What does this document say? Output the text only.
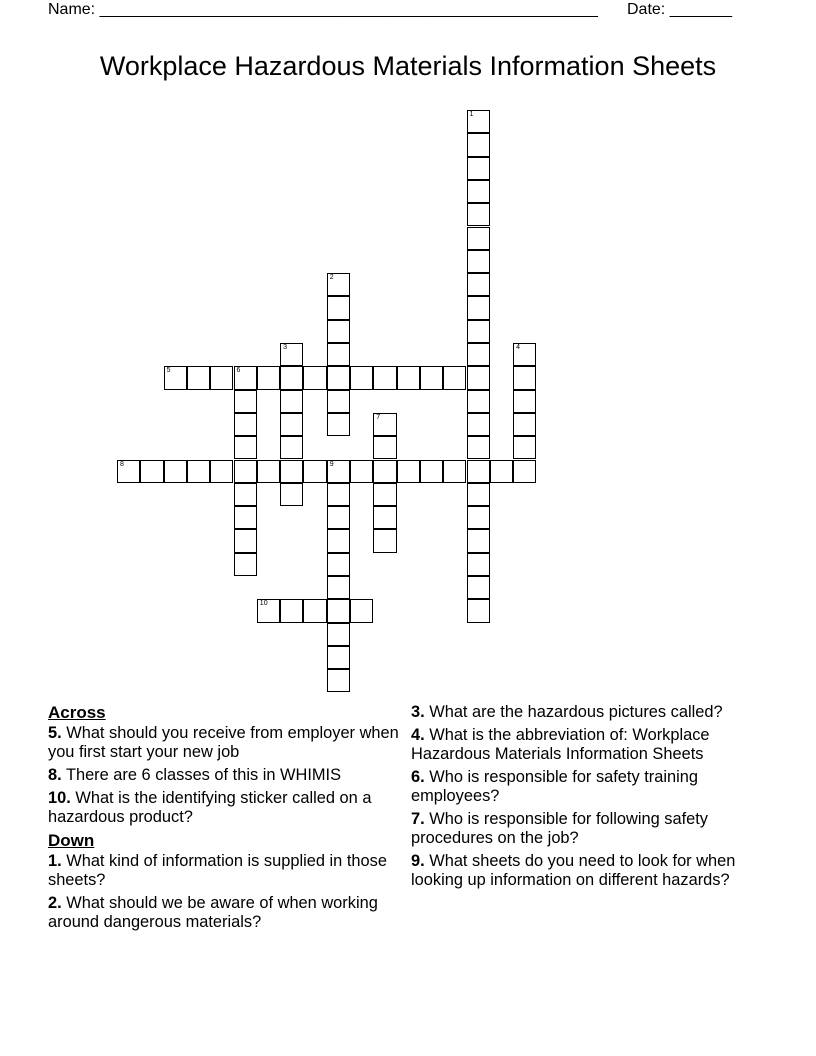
Name: ________________________________________________________ Date: _______
Workplace Hazardous Materials Information Sheets
1
2
3	4
5	6
7
8	9
10
Across
5. What should you receive from employer when you first start your new job
8. There are 6 classes of this in WHIMIS
10. What is the identifying sticker called on a hazardous product?
Down
1. What kind of information is supplied in those sheets?
2. What should we be aware of when working around dangerous materials?
3. What are the hazardous pictures called?
4. What is the abbreviation of: Workplace Hazardous Materials Information Sheets
6. Who is responsible for safety training employees?
7. Who is responsible for following safety procedures on the job?
9. What sheets do you need to look for when looking up information on different hazards?
